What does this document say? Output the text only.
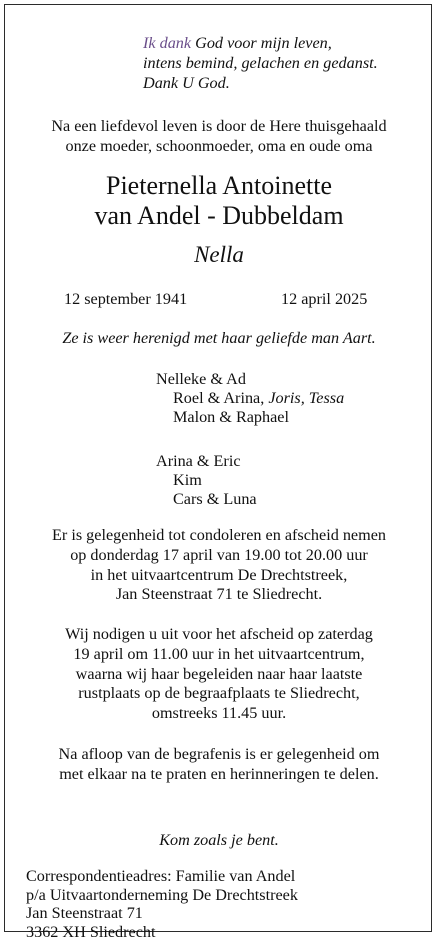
Ik dank God voor mijn leven,
intens bemind, gelachen en gedanst.
Dank U God.
Na een liefdevol leven is door de Here thuisgehaald
onze moeder, schoonmoeder, oma en oude oma
Pieternella Antoinette
van Andel - Dubbeldam
Nella
12 september 1941	12 april 2025
Ze is weer herenigd met haar geliefde man Aart.
Nelleke & Ad
Roel & Arina, Joris, Tessa
Malon & Raphael
Arina & Eric
Kim
Cars & Luna
Er is gelegenheid tot condoleren en afscheid nemen
op donderdag 17 april van 19.00 tot 20.00 uur
in het uitvaartcentrum De Drechtstreek,
Jan Steenstraat 71 te Sliedrecht.
Wij nodigen u uit voor het afscheid op zaterdag
19 april om 11.00 uur in het uitvaartcentrum,
waarna wij haar begeleiden naar haar laatste
rustplaats op de begraafplaats te Sliedrecht,
omstreeks 11.45 uur.
Na afloop van de begrafenis is er gelegenheid om
met elkaar na te praten en herinneringen te delen.
Kom zoals je bent.
Correspondentieadres: Familie van Andel
p/a Uitvaartonderneming De Drechtstreek
Jan Steenstraat 71
3362 XH Sliedrecht
